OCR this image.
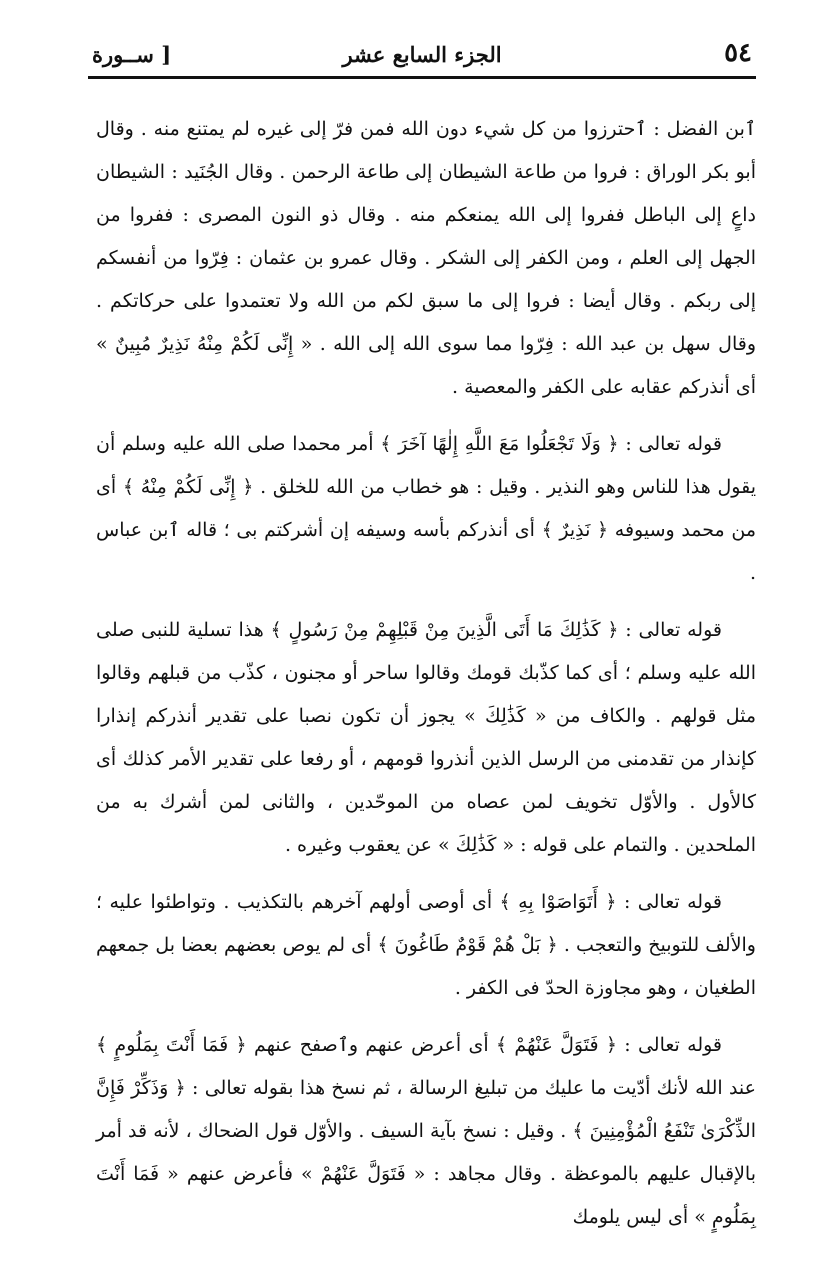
٥٤
الجزء السابع عشر
[ ســورة

ٱبن الفضل : ٱحترزوا من كل شيء دون الله فمن فرّ إلى غيره لم يمتنع منه . وقال أبو بكر الوراق : فروا من طاعة الشيطان إلى طاعة الرحمن . وقال الجُنَيد : الشيطان داعٍ إلى الباطل ففروا إلى الله يمنعكم منه . وقال ذو النون المصرى : ففروا من الجهل إلى العلم ، ومن الكفر إلى الشكر . وقال عمرو بن عثمان : فِرّوا من أنفسكم إلى ربكم . وقال أيضا : فروا إلى ما سبق لكم من الله ولا تعتمدوا على حركاتكم . وقال سهل بن عبد الله : فِرّوا مما سوى الله إلى الله . « إِنِّى لَكُمْ مِنْهُ نَذِيرٌ مُبِينٌ » أى أنذركم عقابه على الكفر والمعصية .

قوله تعالى : ﴿ وَلَا تَجْعَلُوا مَعَ اللَّهِ إِلٰهًا آخَرَ ﴾ أمر محمدا صلى الله عليه وسلم أن يقول هذا للناس وهو النذير . وقيل : هو خطاب من الله للخلق . ﴿ إِنِّى لَكُمْ مِنْهُ ﴾ أى من محمد وسيوفه ﴿ نَذِيرٌ ﴾ أى أنذركم بأسه وسيفه إن أشركتم بى ؛ قاله ٱبن عباس .

قوله تعالى : ﴿ كَذَٰلِكَ مَا أَتَى الَّذِينَ مِنْ قَبْلِهِمْ مِنْ رَسُولٍ ﴾ هذا تسلية للنبى صلى الله عليه وسلم ؛ أى كما كذّبك قومك وقالوا ساحر أو مجنون ، كذّب من قبلهم وقالوا مثل قولهم . والكاف من « كَذَٰلِكَ » يجوز أن تكون نصبا على تقدير أنذركم إنذارا كإنذار من تقدمنى من الرسل الذين أنذروا قومهم ، أو رفعا على تقدير الأمر كذلك أى كالأول . والأوّل تخويف لمن عصاه من الموحّدين ، والثانى لمن أشرك به من الملحدين . والتمام على قوله : « كَذَٰلِكَ » عن يعقوب وغيره .

قوله تعالى : ﴿ أَتَوَاصَوْا بِهِ ﴾ أى أوصى أولهم آخرهم بالتكذيب . وتواطئوا عليه ؛ والألف للتوبيخ والتعجب . ﴿ بَلْ هُمْ قَوْمٌ طَاغُونَ ﴾ أى لم يوص بعضهم بعضا بل جمعهم الطغيان ، وهو مجاوزة الحدّ فى الكفر .

قوله تعالى : ﴿ فَتَوَلَّ عَنْهُمْ ﴾ أى أعرض عنهم وٱصفح عنهم ﴿ فَمَا أَنْتَ بِمَلُومٍ ﴾ عند الله لأنك أدّيت ما عليك من تبليغ الرسالة ، ثم نسخ هذا بقوله تعالى : ﴿ وَذَكِّرْ فَإِنَّ الذِّكْرَىٰ تَنْفَعُ الْمُؤْمِنِينَ ﴾ . وقيل : نسخ بآية السيف . والأوّل قول الضحاك ، لأنه قد أمر بالإقبال عليهم بالموعظة . وقال مجاهد : « فَتَوَلَّ عَنْهُمْ » فأعرض عنهم « فَمَا أَنْتَ بِمَلُومٍ » أى ليس يلومك
